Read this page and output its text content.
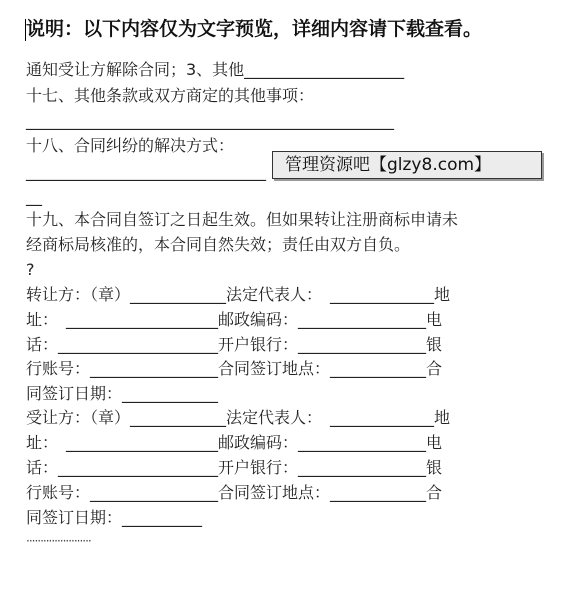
说明：以下内容仅为文字预览，详细内容请下载查看。
通知受让方解除合同；3、其他____________________
十七、其他条款或双方商定的其他事项：
______________________________________________
十八、合同纠纷的解决方式：
______________________________
__
十九、本合同自签订之日起生效。但如果转让注册商标申请未
经商标局核准的，本合同自然失效；责任由双方自负。
?
转让方：（章）____________法定代表人：　_____________地
址：　___________________邮政编码：________________电
话：____________________开户银行：________________银
行账号：________________合同签订地点：____________合
同签订日期：____________
受让方：（章）____________法定代表人：　_____________地
址：　___________________邮政编码：________________电
话：____________________开户银行：________________银
行账号：________________合同签订地点：____________合
同签订日期：__________
管理资源吧【glzy8.com】
·······················
